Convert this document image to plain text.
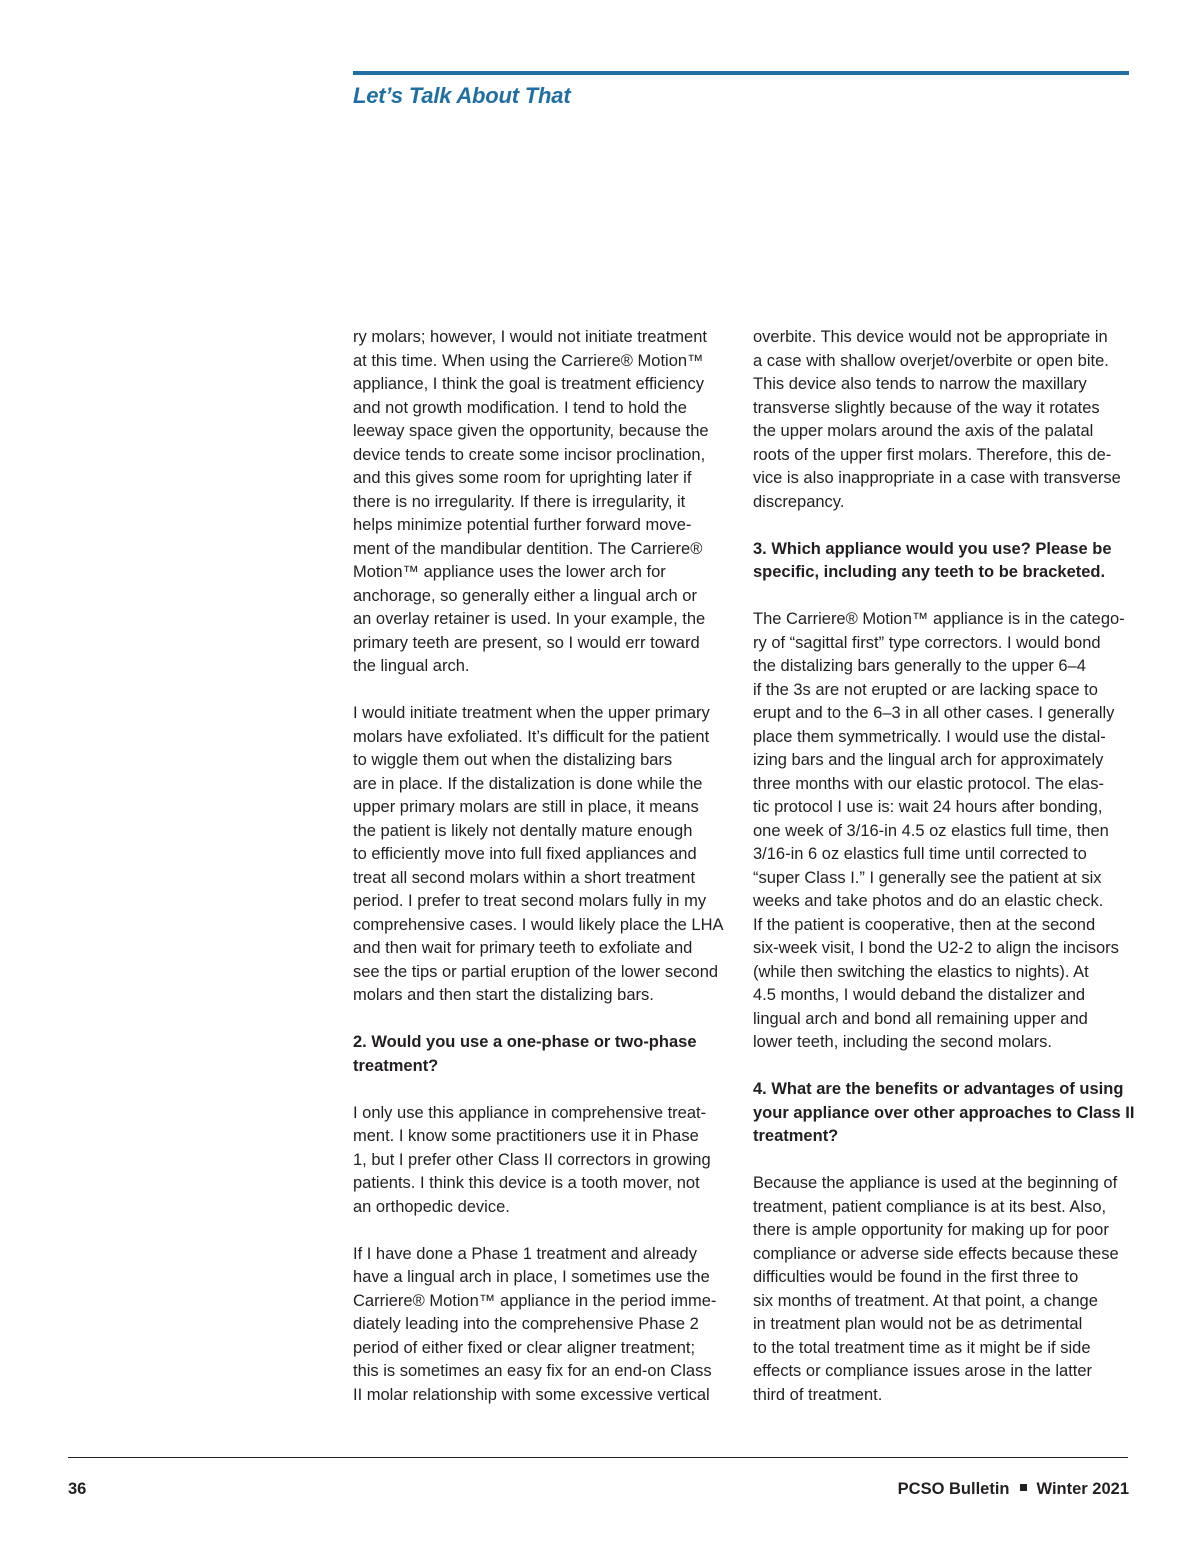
Let’s Talk About That
ry molars; however, I would not initiate treatment
at this time. When using the Carriere® Motion™
appliance, I think the goal is treatment efficiency
and not growth modification. I tend to hold the
leeway space given the opportunity, because the
device tends to create some incisor proclination,
and this gives some room for uprighting later if
there is no irregularity. If there is irregularity, it
helps minimize potential further forward move-
ment of the mandibular dentition. The Carriere®
Motion™ appliance uses the lower arch for
anchorage, so generally either a lingual arch or
an overlay retainer is used. In your example, the
primary teeth are present, so I would err toward
the lingual arch.
I would initiate treatment when the upper primary
molars have exfoliated. It’s difficult for the patient
to wiggle them out when the distalizing bars
are in place. If the distalization is done while the
upper primary molars are still in place, it means
the patient is likely not dentally mature enough
to efficiently move into full fixed appliances and
treat all second molars within a short treatment
period. I prefer to treat second molars fully in my
comprehensive cases. I would likely place the LHA
and then wait for primary teeth to exfoliate and
see the tips or partial eruption of the lower second
molars and then start the distalizing bars.
2. Would you use a one-phase or two-phase
treatment?
I only use this appliance in comprehensive treat-
ment. I know some practitioners use it in Phase
1, but I prefer other Class II correctors in growing
patients. I think this device is a tooth mover, not
an orthopedic device.
If I have done a Phase 1 treatment and already
have a lingual arch in place, I sometimes use the
Carriere® Motion™ appliance in the period imme-
diately leading into the comprehensive Phase 2
period of either fixed or clear aligner treatment;
this is sometimes an easy fix for an end-on Class
II molar relationship with some excessive vertical
overbite. This device would not be appropriate in
a case with shallow overjet/overbite or open bite.
This device also tends to narrow the maxillary
transverse slightly because of the way it rotates
the upper molars around the axis of the palatal
roots of the upper first molars. Therefore, this de-
vice is also inappropriate in a case with transverse
discrepancy.
3. Which appliance would you use? Please be
specific, including any teeth to be bracketed.
The Carriere® Motion™ appliance is in the catego-
ry of “sagittal first” type correctors. I would bond
the distalizing bars generally to the upper 6–4
if the 3s are not erupted or are lacking space to
erupt and to the 6–3 in all other cases. I generally
place them symmetrically. I would use the distal-
izing bars and the lingual arch for approximately
three months with our elastic protocol. The elas-
tic protocol I use is: wait 24 hours after bonding,
one week of 3/16-in 4.5 oz elastics full time, then
3/16-in 6 oz elastics full time until corrected to
“super Class I.” I generally see the patient at six
weeks and take photos and do an elastic check.
If the patient is cooperative, then at the second
six-week visit, I bond the U2-2 to align the incisors
(while then switching the elastics to nights). At
4.5 months, I would deband the distalizer and
lingual arch and bond all remaining upper and
lower teeth, including the second molars.
4. What are the benefits or advantages of using
your appliance over other approaches to Class II
treatment?
Because the appliance is used at the beginning of
treatment, patient compliance is at its best. Also,
there is ample opportunity for making up for poor
compliance or adverse side effects because these
difficulties would be found in the first three to
six months of treatment. At that point, a change
in treatment plan would not be as detrimental
to the total treatment time as it might be if side
effects or compliance issues arose in the latter
third of treatment.
36	PCSO Bulletin Winter 2021
